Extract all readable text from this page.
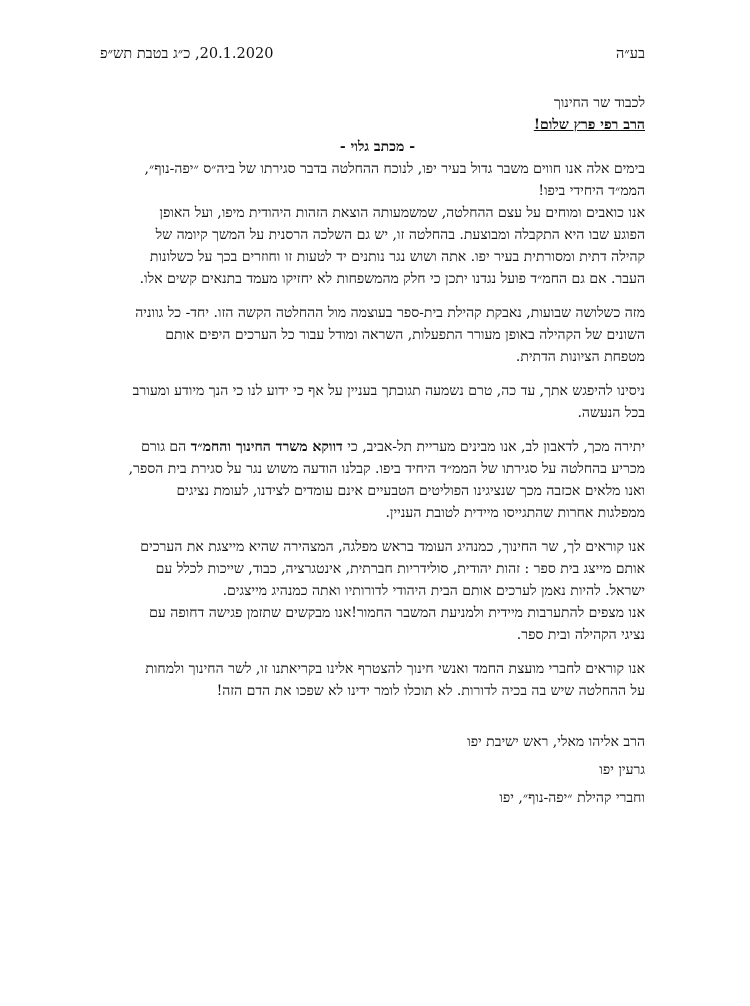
בע״ה
20.1.2020, כ״ג בטבת תש״פ
לכבוד שר החינוך
הרב רפי פרץ שלום!
- מכתב גלוי -
בימים אלה אנו חווים משבר גדול בעיר יפו, לנוכח ההחלטה בדבר סגירתו של ביה״ס ״יפה-נוף״,
הממ״ד היחידי ביפו!
אנו כואבים ומוחים על עצם ההחלטה, שמשמעותה הוצאת הזהות היהודית מיפו, ועל האופן
הפוגע שבו היא התקבלה ומבוצעת. בהחלטה זו, יש גם השלכה הרסנית על המשך קיומה של
קהילה דתית ומסורתית בעיר יפו. אתה ושוש נגר נותנים יד לטעות זו וחוזרים בכך על כשלונות
העבר. אם גם החמ״ד פועל נגדנו יתכן כי חלק מהמשפחות לא יחזיקו מעמד בתנאים קשים אלו.
מזה כשלושה שבועות, נאבקת קהילת בית-ספר בעוצמה מול ההחלטה הקשה הזו. יחד- כל גווניה
השונים של הקהילה באופן מעורר התפעלות, השראה ומודל עבור כל הערכים היפים אותם
מטפחת הציונות הדתית.
ניסינו להיפגש אתך, עד כה, טרם נשמעה תגובתך בעניין על אף כי ידוע לנו כי הנך מיודע ומעורב
בכל הנעשה.
יתירה מכך, לדאבון לב, אנו מבינים מעריית תל-אביב, כי דווקא משרד החינוך והחמ״ד הם גורם
מכריע בהחלטה על סגירתו של הממ״ד היחיד ביפו. קבלנו הודעה משוש נגר על סגירת בית הספר,
ואנו מלאים אכזבה מכך שנציגינו הפוליטים הטבעיים אינם עומדים לצידנו, לעומת נציגים
ממפלגות אחרות שהתגייסו מיידית לטובת העניין.
אנו קוראים לך, שר החינוך, כמנהיג העומד בראש מפלגה, המצהירה שהיא מייצגת את הערכים
אותם מייצג בית ספר : זהות יהודית, סולידריות חברתית, אינטגרציה, כבוד, שייכות לכלל עם
ישראל. להיות נאמן לערכים אותם הבית היהודי לדורותיו ואתה כמנהיג מייצגים.
אנו מצפים להתערבות מיידית ולמניעת המשבר החמור!אנו מבקשים שתזמן פגישה דחופה עם
נציגי הקהילה ובית ספר.
אנו קוראים לחברי מועצת החמד ואנשי חינוך להצטרף אלינו בקריאתנו זו, לשר החינוך ולמחות
על ההחלטה שיש בה בכיה לדורות. לא תוכלו לומר ידינו לא שפכו את הדם הזה!
הרב אליהו מאלי, ראש ישיבת יפו
גרעין יפו
וחברי קהילת ״יפה-נוף״, יפו
